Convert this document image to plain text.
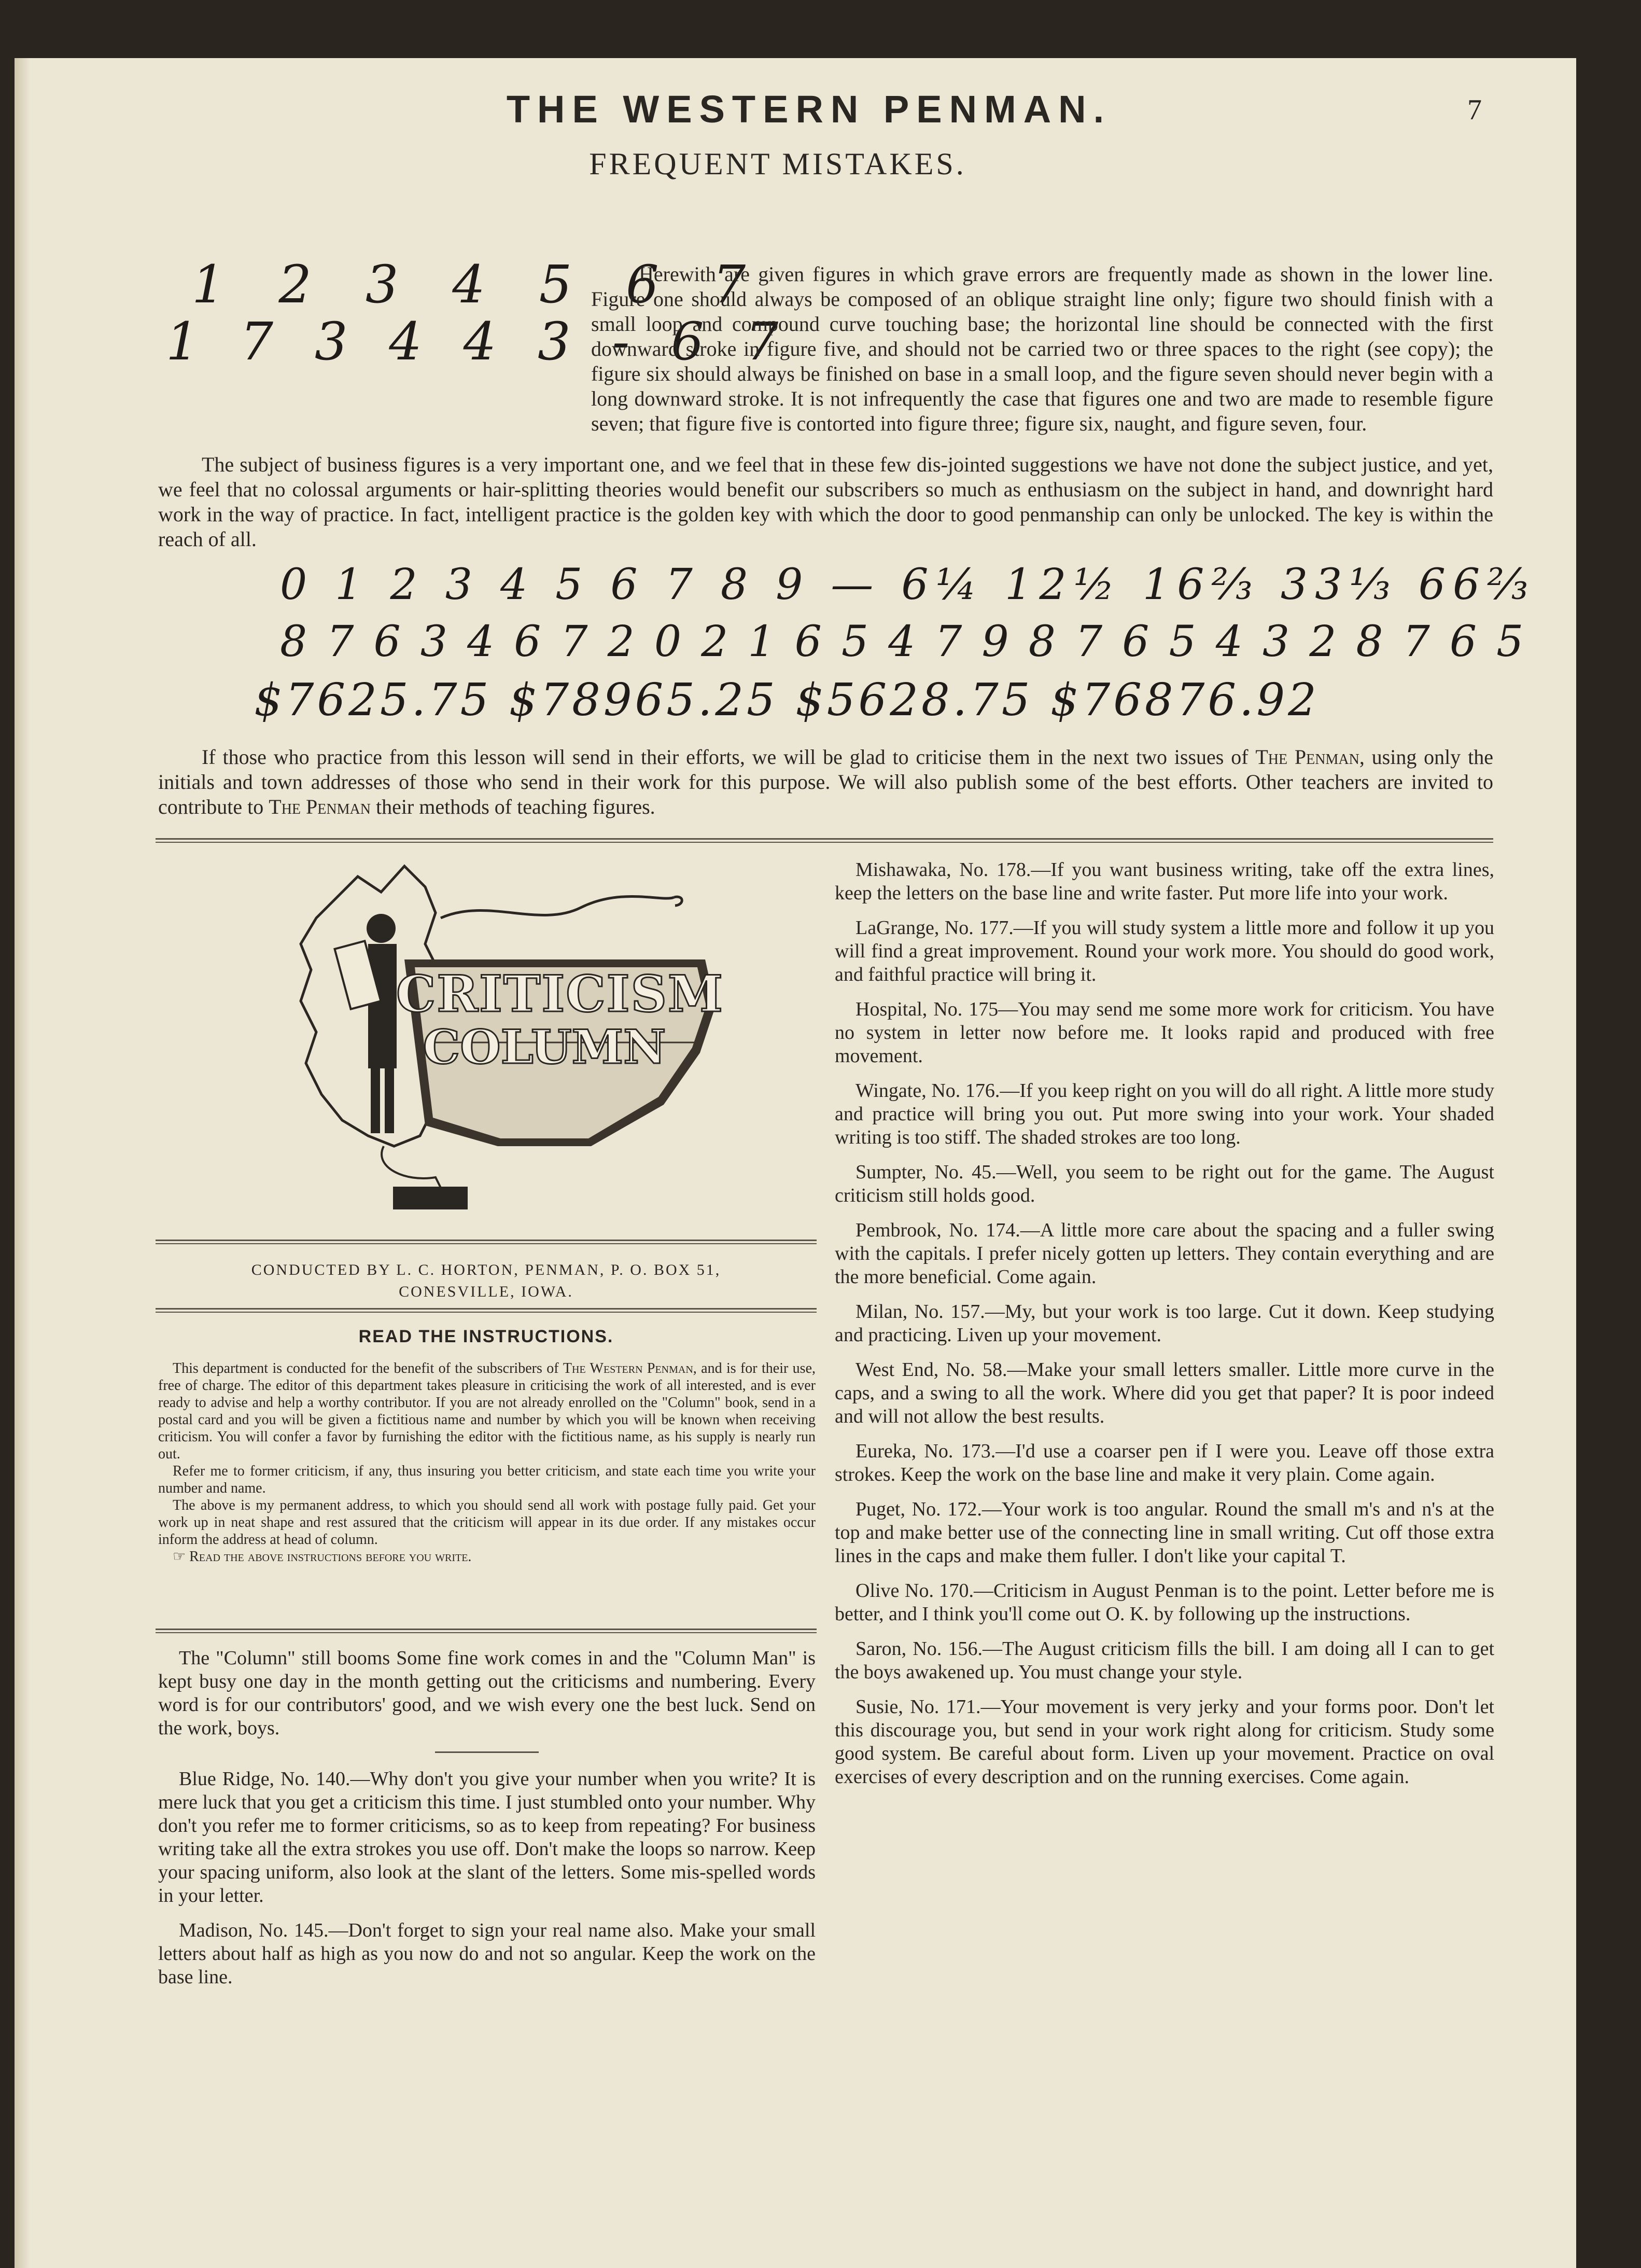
THE WESTERN PENMAN.	7
FREQUENT MISTAKES.
1 2 3 4 5 6 7
1 7 3 4 4 3 - 6 7

Herewith are given figures in which grave errors are frequently made as shown in the lower line. Figure one should always be composed of an oblique straight line only; figure two should finish with a small loop and compound curve touching base; the horizontal line should be connected with the first downward stroke in figure five, and should not be carried two or three spaces to the right (see copy); the figure six should always be finished on base in a small loop, and the figure seven should never begin with a long downward stroke. It is not infrequently the case that figures one and two are made to resemble figure seven; that figure five is contorted into figure three; figure six, naught, and figure seven, four.

The subject of business figures is a very important one, and we feel that in these few dis-jointed suggestions we have not done the subject justice, and yet, we feel that no colossal arguments or hair-splitting theories would benefit our subscribers so much as enthusiasm on the subject in hand, and downright hard work in the way of practice. In fact, intelligent practice is the golden key with which the door to good penmanship can only be unlocked. The key is within the reach of all.

0 1 2 3 4 5 6 7 8 9 — 6¼ 12½ 16⅔ 33⅓ 66⅔
8 7 6 3 4 6 7 2 0 2 1 6 5 4 7 9 8 7 6 5 4 3 2 8 7 6 5
$7625.75 $78965.25 $5628.75 $76876.92

If those who practice from this lesson will send in their efforts, we will be glad to criticise them in the next two issues of The Penman, using only the initials and town addresses of those who send in their work for this purpose. We will also publish some of the best efforts. Other teachers are invited to contribute to The Penman their methods of teaching figures.

CRITICISM
COLUMN
CONDUCTED BY L. C. HORTON, PENMAN, P. O. BOX 51,
CONESVILLE, IOWA.
READ THE INSTRUCTIONS.

This department is conducted for the benefit of the subscribers of The Western Penman, and is for their use, free of charge. The editor of this department takes pleasure in criticising the work of all interested, and is ever ready to advise and help a worthy contributor. If you are not already enrolled on the "Column" book, send in a postal card and you will be given a fictitious name and number by which you will be known when receiving criticism. You will confer a favor by furnishing the editor with the fictitious name, as his supply is nearly run out.

Refer me to former criticism, if any, thus insuring you better criticism, and state each time you write your number and name.

The above is my permanent address, to which you should send all work with postage fully paid. Get your work up in neat shape and rest assured that the criticism will appear in its due order. If any mistakes occur inform the address at head of column.

☞ Read the above instructions before you write.

The "Column" still booms Some fine work comes in and the "Column Man" is kept busy one day in the month getting out the criticisms and numbering. Every word is for our contributors' good, and we wish every one the best luck. Send on the work, boys.

Blue Ridge, No. 140.—Why don't you give your number when you write? It is mere luck that you get a criticism this time. I just stumbled onto your number. Why don't you refer me to former criticisms, so as to keep from repeating? For business writing take all the extra strokes you use off. Don't make the loops so narrow. Keep your spacing uniform, also look at the slant of the letters. Some mis-spelled words in your letter.

Madison, No. 145.—Don't forget to sign your real name also. Make your small letters about half as high as you now do and not so angular. Keep the work on the base line.

Mishawaka, No. 178.—If you want business writing, take off the extra lines, keep the letters on the base line and write faster. Put more life into your work.

LaGrange, No. 177.—If you will study system a little more and follow it up you will find a great improvement. Round your work more. You should do good work, and faithful practice will bring it.

Hospital, No. 175—You may send me some more work for criticism. You have no system in letter now before me. It looks rapid and produced with free movement.

Wingate, No. 176.—If you keep right on you will do all right. A little more study and practice will bring you out. Put more swing into your work. Your shaded writing is too stiff. The shaded strokes are too long.

Sumpter, No. 45.—Well, you seem to be right out for the game. The August criticism still holds good.

Pembrook, No. 174.—A little more care about the spacing and a fuller swing with the capitals. I prefer nicely gotten up letters. They contain everything and are the more beneficial. Come again.

Milan, No. 157.—My, but your work is too large. Cut it down. Keep studying and practicing. Liven up your movement.

West End, No. 58.—Make your small letters smaller. Little more curve in the caps, and a swing to all the work. Where did you get that paper? It is poor indeed and will not allow the best results.

Eureka, No. 173.—I'd use a coarser pen if I were you. Leave off those extra strokes. Keep the work on the base line and make it very plain. Come again.

Puget, No. 172.—Your work is too angular. Round the small m's and n's at the top and make better use of the connecting line in small writing. Cut off those extra lines in the caps and make them fuller. I don't like your capital T.

Olive No. 170.—Criticism in August Penman is to the point. Letter before me is better, and I think you'll come out O. K. by following up the instructions.

Saron, No. 156.—The August criticism fills the bill. I am doing all I can to get the boys awakened up. You must change your style.

Susie, No. 171.—Your movement is very jerky and your forms poor. Don't let this discourage you, but send in your work right along for criticism. Study some good system. Be careful about form. Liven up your movement. Practice on oval exercises of every description and on the running exercises. Come again.
